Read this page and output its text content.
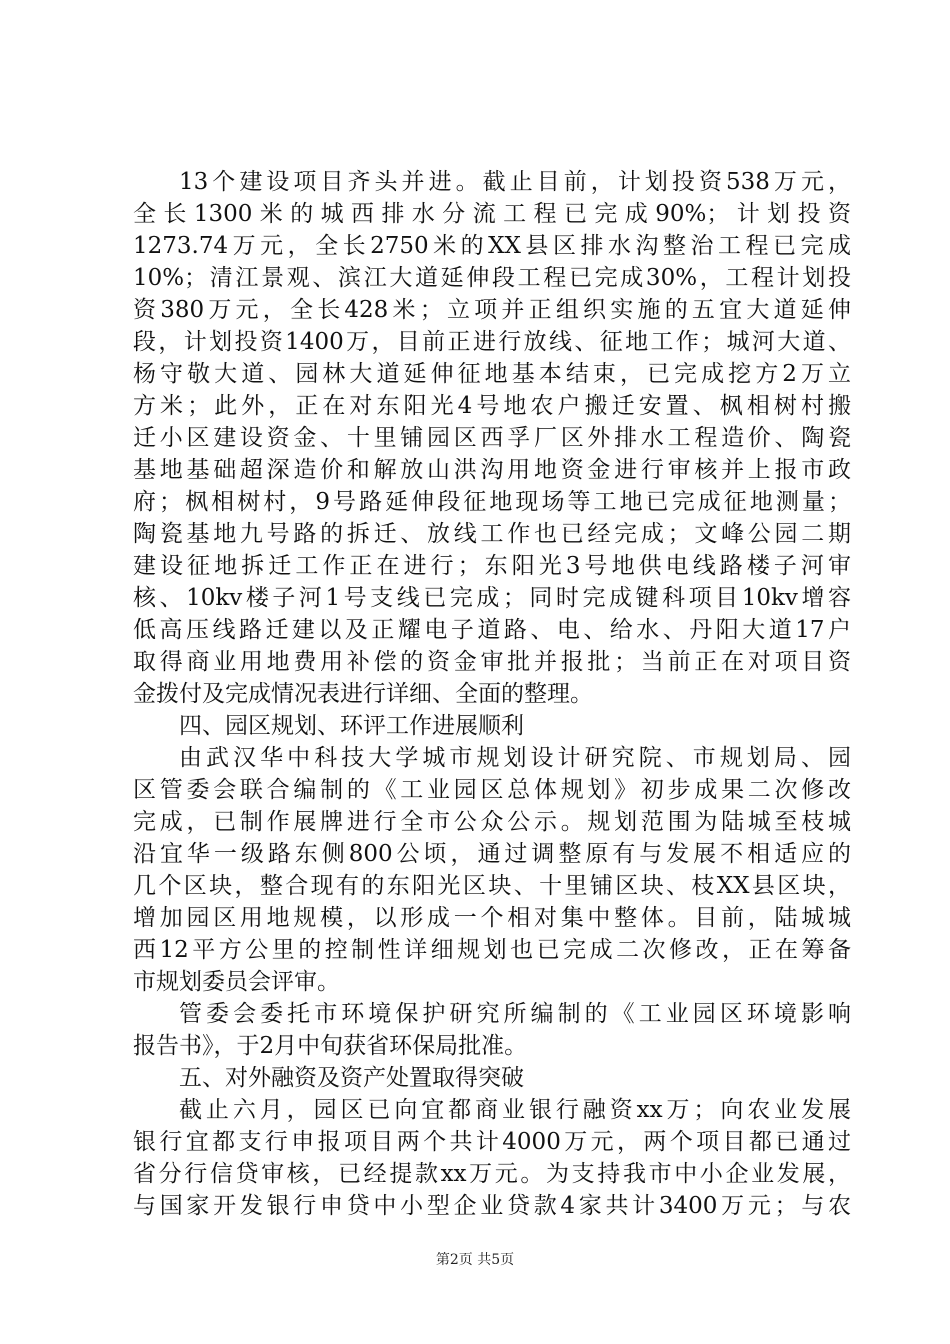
13个建设项目齐头并进。截止目前，计划投资538万元，
全长1300米的城西排水分流工程已完成90%；计划投资
1273.74万元，全长2750米的XX县区排水沟整治工程已完成
10%；清江景观、滨江大道延伸段工程已完成30%，工程计划投
资380万元，全长428米；立项并正组织实施的五宜大道延伸
段，计划投资1400万，目前正进行放线、征地工作；城河大道、
杨守敬大道、园林大道延伸征地基本结束，已完成挖方2万立
方米；此外，正在对东阳光4号地农户搬迁安置、枫相树村搬
迁小区建设资金、十里铺园区西孚厂区外排水工程造价、陶瓷
基地基础超深造价和解放山洪沟用地资金进行审核并上报市政
府；枫相树村，9号路延伸段征地现场等工地已完成征地测量；
陶瓷基地九号路的拆迁、放线工作也已经完成；文峰公园二期
建设征地拆迁工作正在进行；东阳光3号地供电线路楼子河审
核、10kv楼子河1号支线已完成；同时完成键科项目10kv增容
低高压线路迁建以及正耀电子道路、电、给水、丹阳大道17户
取得商业用地费用补偿的资金审批并报批；当前正在对项目资
金拨付及完成情况表进行详细、全面的整理。
四、园区规划、环评工作进展顺利
由武汉华中科技大学城市规划设计研究院、市规划局、园
区管委会联合编制的《工业园区总体规划》初步成果二次修改
完成，已制作展牌进行全市公众公示。规划范围为陆城至枝城
沿宜华一级路东侧800公顷，通过调整原有与发展不相适应的
几个区块，整合现有的东阳光区块、十里铺区块、枝XX县区块，
增加园区用地规模，以形成一个相对集中整体。目前，陆城城
西12平方公里的控制性详细规划也已完成二次修改，正在筹备
市规划委员会评审。
管委会委托市环境保护研究所编制的《工业园区环境影响
报告书》，于2月中旬获省环保局批准。
五、对外融资及资产处置取得突破
截止六月，园区已向宜都商业银行融资xx万；向农业发展
银行宜都支行申报项目两个共计4000万元，两个项目都已通过
省分行信贷审核，已经提款xx万元。为支持我市中小企业发展，
与国家开发银行申贷中小型企业贷款4家共计3400万元；与农
第2页 共5页
